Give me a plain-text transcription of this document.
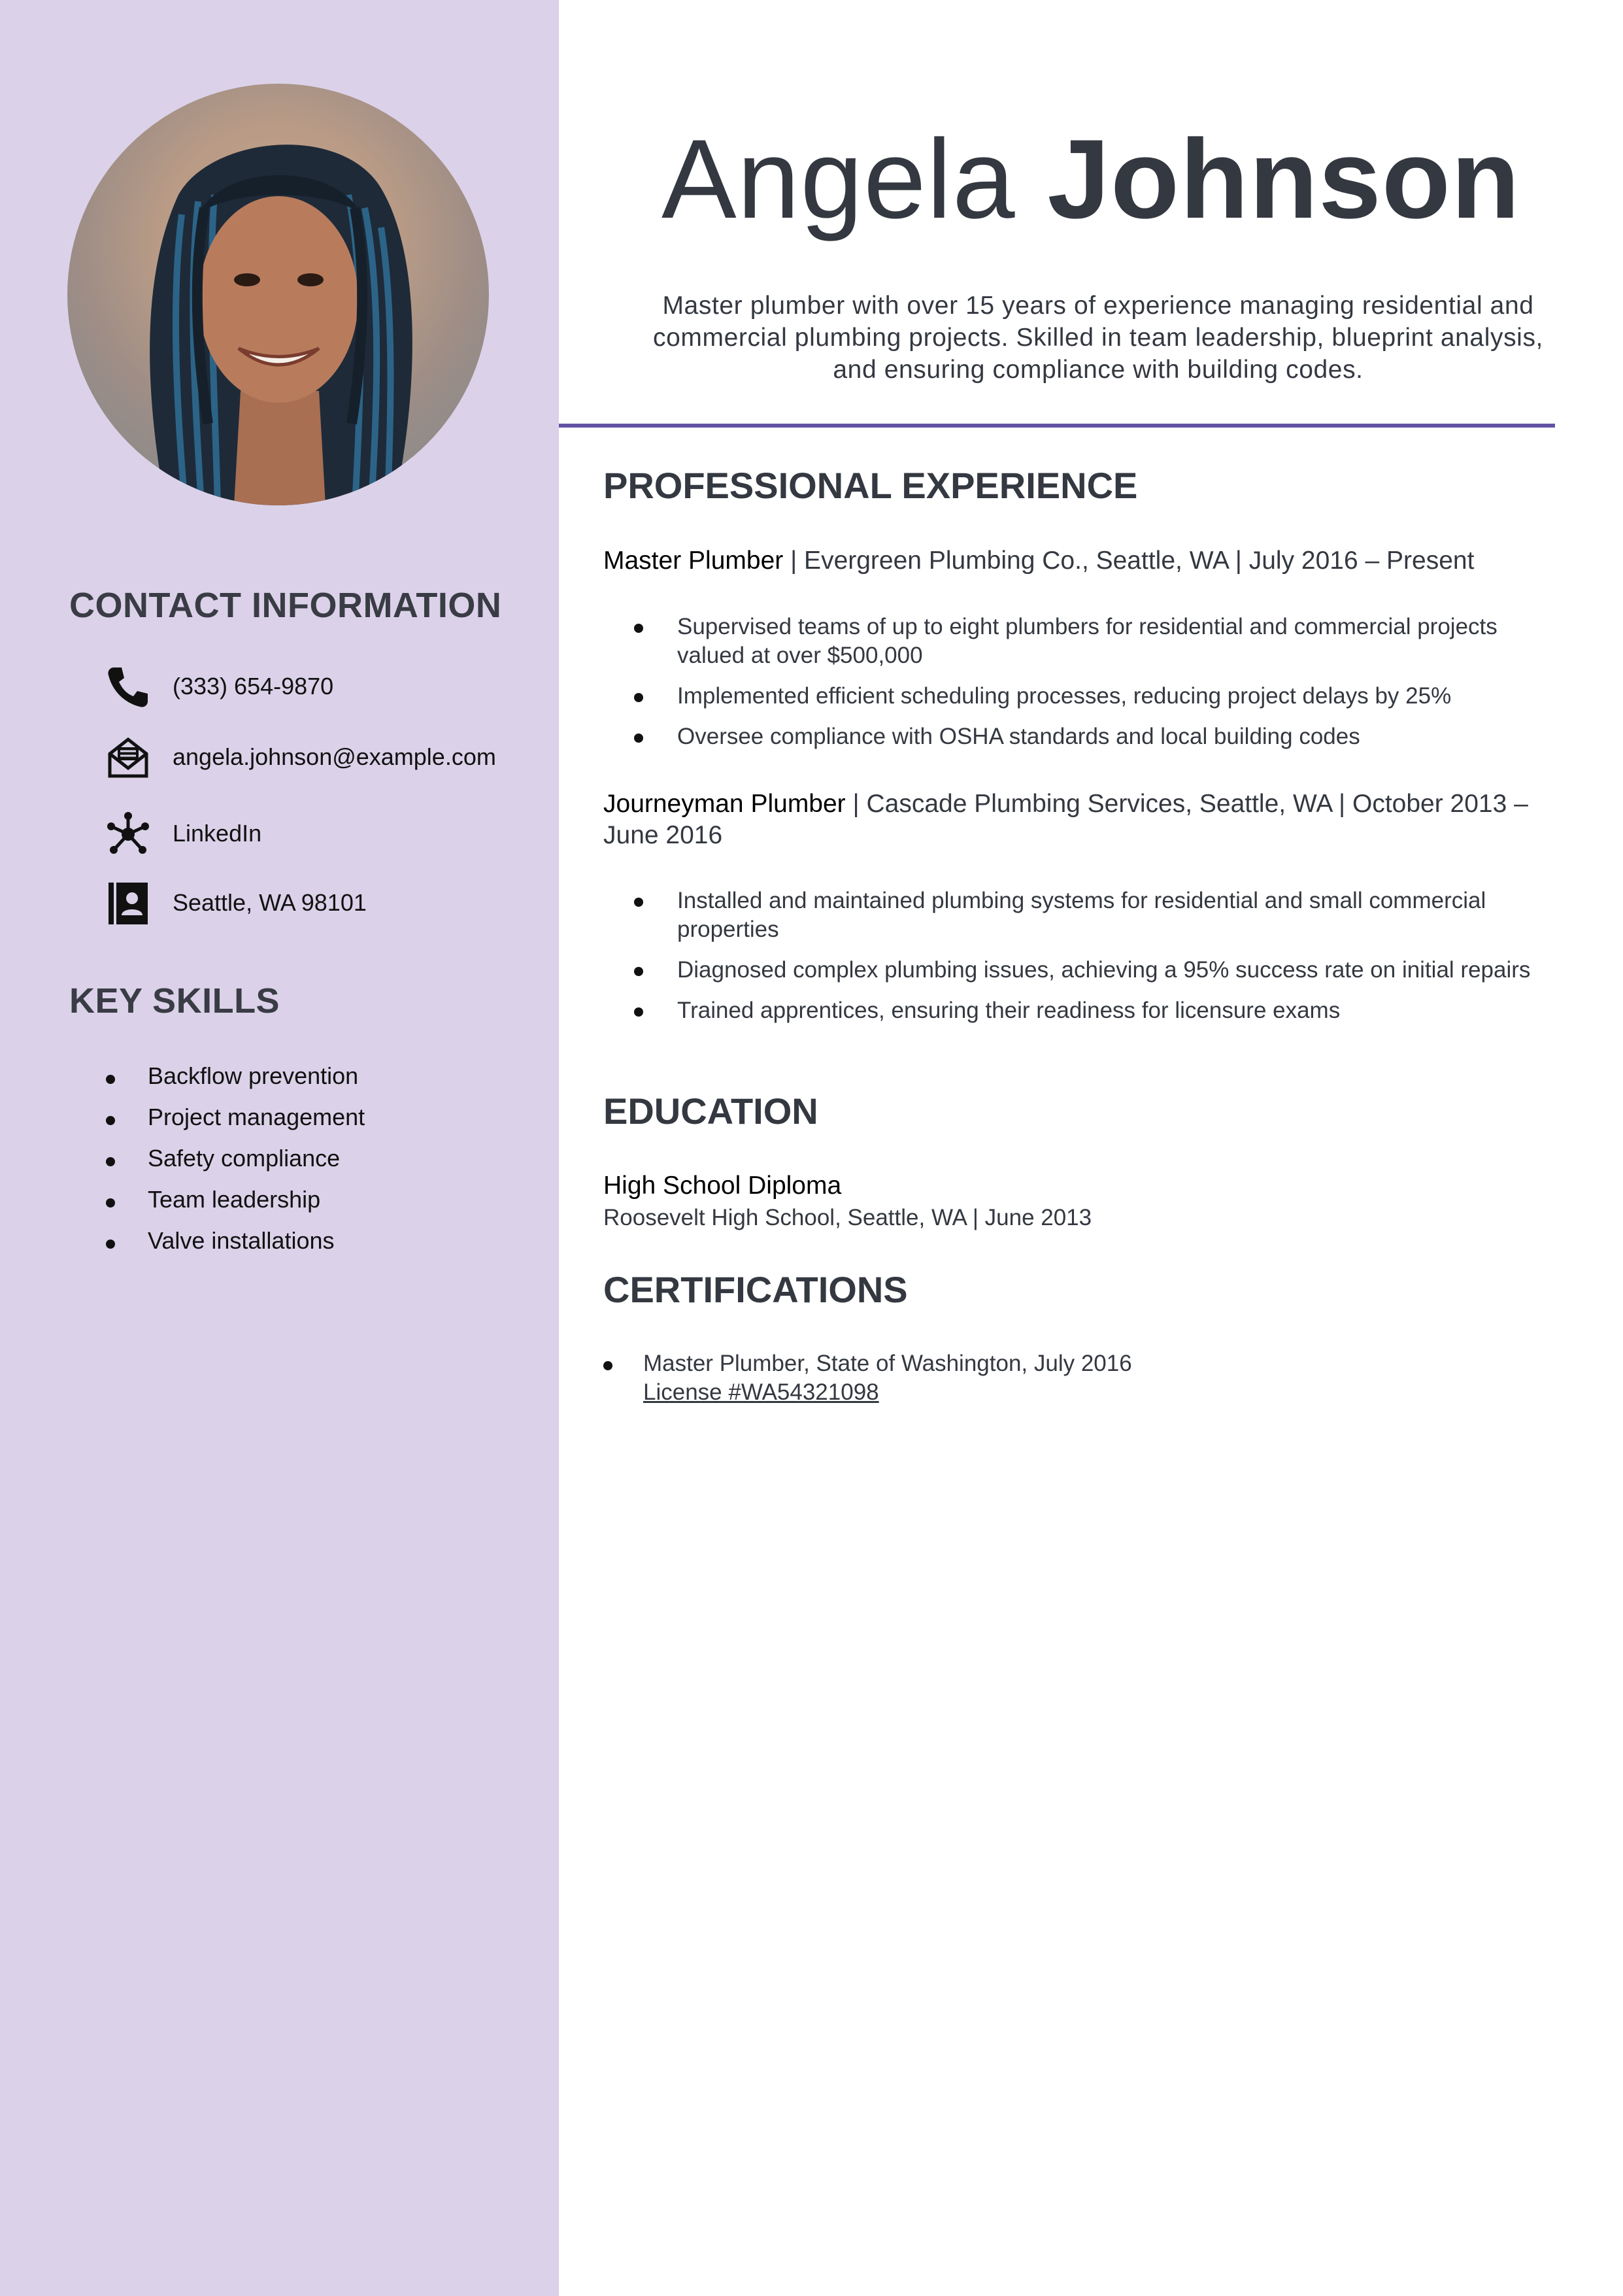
CONTACT INFORMATION
(333) 654-9870
angela.johnson@example.com
LinkedIn
Seattle, WA 98101
KEY SKILLS
Backflow prevention
Project management
Safety compliance
Team leadership
Valve installations
Angela Johnson
Master plumber with over 15 years of experience managing residential and commercial plumbing projects. Skilled in team leadership, blueprint analysis, and ensuring compliance with building codes.
PROFESSIONAL EXPERIENCE
Master Plumber | Evergreen Plumbing Co., Seattle, WA | July 2016 – Present
Supervised teams of up to eight plumbers for residential and commercial projects valued at over $500,000
Implemented efficient scheduling processes, reducing project delays by 25%
Oversee compliance with OSHA standards and local building codes
Journeyman Plumber | Cascade Plumbing Services, Seattle, WA | October 2013 – June 2016
Installed and maintained plumbing systems for residential and small commercial properties
Diagnosed complex plumbing issues, achieving a 95% success rate on initial repairs
Trained apprentices, ensuring their readiness for licensure exams
EDUCATION
High School Diploma
Roosevelt High School, Seattle, WA | June 2013
CERTIFICATIONS
Master Plumber, State of Washington, July 2016
License #WA54321098
